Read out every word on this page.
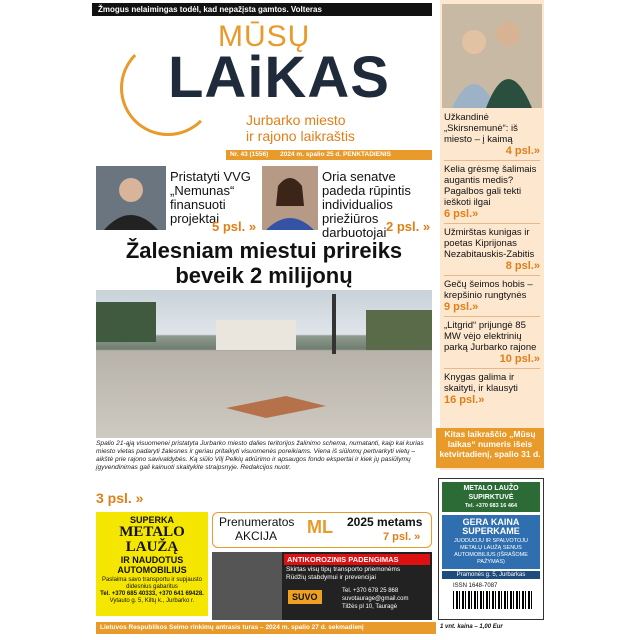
Žmogus nelaimingas todėl, kad nepažįsta gamtos. Volteras
MŪSŲ
LAiKAS
Jurbarko miesto
ir rajono laikraštis
Nr. 43 (1556) 2024 m. spalio 25 d. PENKTADIENIS
Pristatyti VVG „Nemunas“ finansuoti projektai
5 psl. »
Oria senatve padeda rūpintis individualios priežiūros darbuotojai 2 psl. »
Žalesniam miestui prireiks beveik 2 milijonų
Spalio 21-ąją visuomenei pristatyta Jurbarko miesto dalies teritorijos žalinimo schema, numatanti, kaip kai kurias miesto vietas padaryti žalesnes ir geriau pritaikyti visuomenės poreikiams. Viena iš siūlomų pertvarkyti vietų – aikštė prie rajono savivaldybės. Ką siūlo Vilį Pelkių atkūrimo ir apsaugos fondo ekspertai ir kiek jų pasiūlymų įgyvendinimas gali kainuoti skaitykite straipsnyje. Redakcijos nuotr.
3 psl. »
Užkandinė „Skirsnemunė“: iš miesto – į kaimą
4 psl.»
Kelia grėsmę šalimais augantis medis? Pagalbos gali tekti ieškoti ilgai
6 psl.»
Užmirštas kunigas ir poetas Kiprijonas Nezabitauskis-Zabitis
8 psl.»
Gečų šeimos hobis – krepšinio rungtynės
9 psl.»
„Litgrid“ prijungė 85 MW vėjo elektrinių parką Jurbarko rajone
10 psl.»
Knygas galima ir skaityti, ir klausyti
16 psl.»
Kitas laikraščio „Mūsų laikas“ numeris išeis ketvirtadienį, spalio 31 d.
SUPERKA
METALO
LAUŽĄ
IR NAUDOTUS
AUTOMOBILIUS
Paslaima savo transportu ir supjausto didesnius gabaritus
Tel. +370 685 40333, +370 641 69428.
Vytauto g. 5, Kiltų k., Jurbarko r.
Prenumeratos
AKCIJA ML 2025 metams
7 psl. »
ANTIKOROZINIS PADENGIMAS
Skirtas visų tipų transporto priemonėms
Rūdžių stabdymui ir prevencijai
SUVO
Tel. +370 678 25 868
suvotaurage@gmail.com
Tilžės pl 10, Tauragė
METALO LAUŽO
SUPIRKTUVĖ
Tel. +370 683 16 464
GERA KAINA
SUPERKAME
JUODUOJU IR SPALVOTOJU METALŲ LAUŽĄ SENUS AUTOMOBILIUS (IŠRAŠOME PAŽYMAS)
Pramonės g. 5, Jurbarkas
ISSN 1648-7087
1 vnt. kaina – 1,00 Eur
Lietuvos Respublikos Seimo rinkimų antrasis turas – 2024 m. spalio 27 d. sekmadienį
